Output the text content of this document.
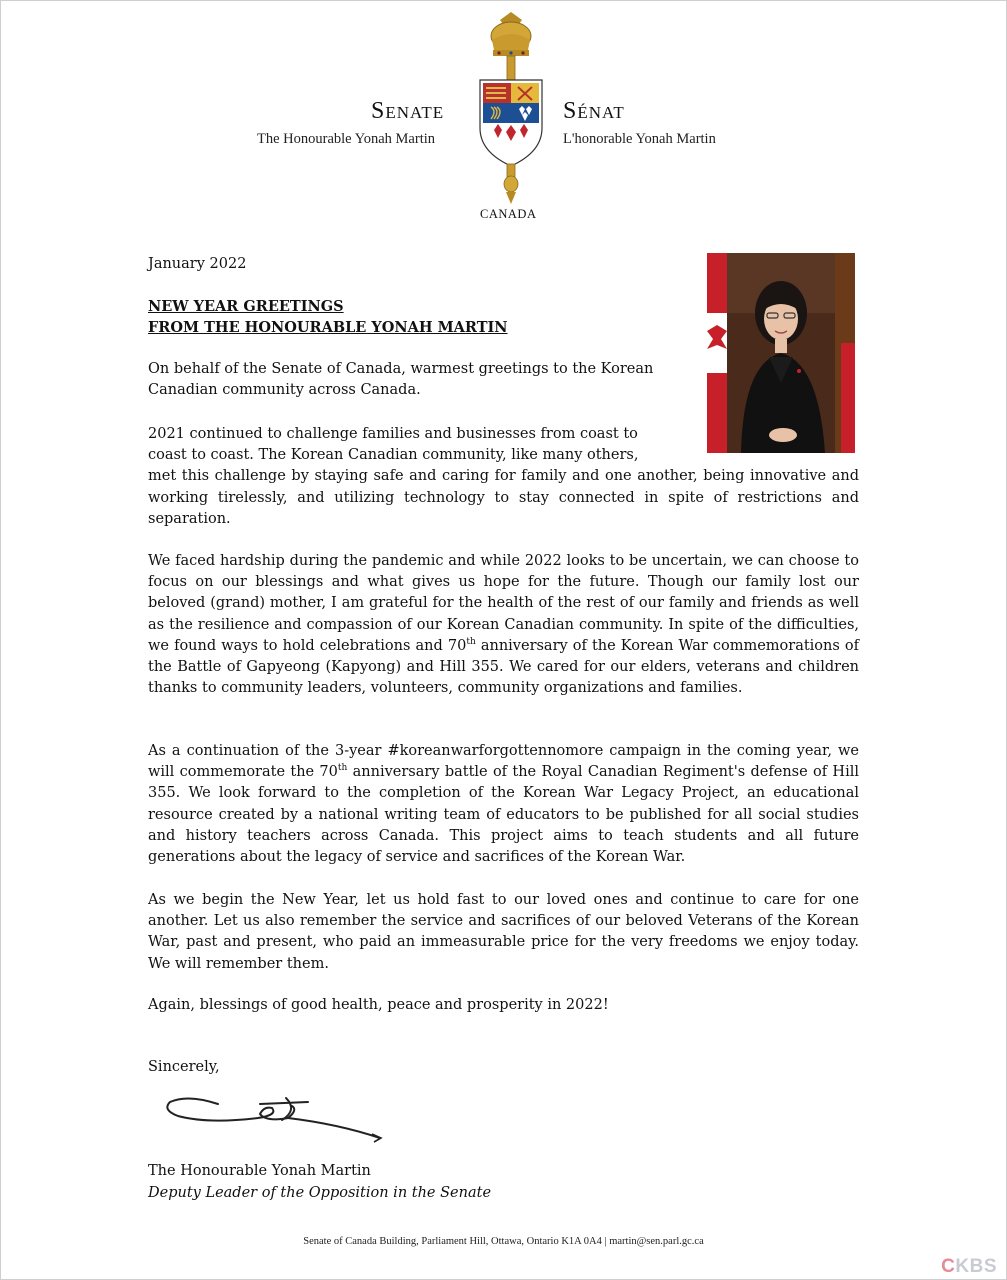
Senate	Sénat
The Honourable Yonah Martin	L'honorable Yonah Martin
CANADA
January 2022
NEW YEAR GREETINGS
FROM THE HONOURABLE YONAH MARTIN
On behalf of the Senate of Canada, warmest greetings to the Korean Canadian community across Canada.
2021 continued to challenge families and businesses from coast to
coast to coast. The Korean Canadian community, like many others,
met this challenge by staying safe and caring for family and one another, being innovative and working tirelessly, and utilizing technology to stay connected in spite of restrictions and separation.
We faced hardship during the pandemic and while 2022 looks to be uncertain, we can choose to focus on our blessings and what gives us hope for the future. Though our family lost our beloved (grand) mother, I am grateful for the health of the rest of our family and friends as well as the resilience and compassion of our Korean Canadian community. In spite of the difficulties, we found ways to hold celebrations and 70th anniversary of the Korean War commemorations of the Battle of Gapyeong (Kapyong) and Hill 355. We cared for our elders, veterans and children thanks to community leaders, volunteers, community organizations and families.
As a continuation of the 3-year #koreanwarforgottennomore campaign in the coming year, we will commemorate the 70th anniversary battle of the Royal Canadian Regiment's defense of Hill 355. We look forward to the completion of the Korean War Legacy Project, an educational resource created by a national writing team of educators to be published for all social studies and history teachers across Canada. This project aims to teach students and all future generations about the legacy of service and sacrifices of the Korean War.
As we begin the New Year, let us hold fast to our loved ones and continue to care for one another. Let us also remember the service and sacrifices of our beloved Veterans of the Korean War, past and present, who paid an immeasurable price for the very freedoms we enjoy today. We will remember them.
Again, blessings of good health, peace and prosperity in 2022!
Sincerely,
The Honourable Yonah Martin
Deputy Leader of the Opposition in the Senate
Senate of Canada Building, Parliament Hill, Ottawa, Ontario K1A 0A4 | martin@sen.parl.gc.ca
CKBS
